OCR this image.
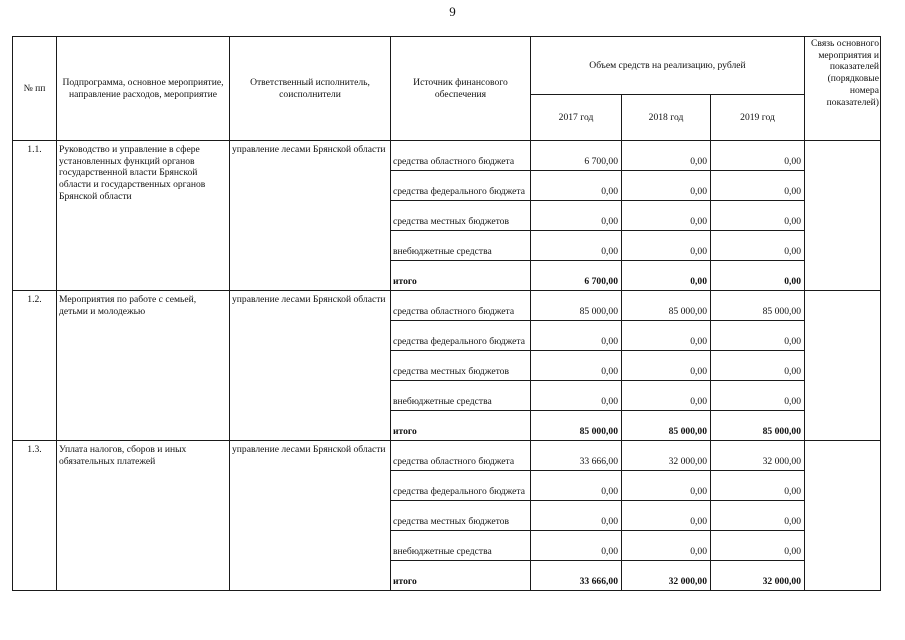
9
№ пп	Подпрограмма, основное мероприятие, направление расходов, мероприятие	Ответственный исполнитель, соисполнители	Источник финансового обеспечения	Объем средств на реализацию, рублей			Связь основного мероприятия и показателей (порядковые номера показателей)
				2017 год	2018 год	2019 год	
1.1.	Руководство и управление в сфере установленных функций органов государственной власти Брянской области и государственных органов Брянской области	управление лесами Брянской области	средства областного бюджета	6 700,00	0,00	0,00	
			средства федерального бюджета	0,00	0,00	0,00	
			средства местных бюджетов	0,00	0,00	0,00	
			внебюджетные средства	0,00	0,00	0,00	
			итого	6 700,00	0,00	0,00	
1.2.	Мероприятия по работе с семьей, детьми и молодежью	управление лесами Брянской области	средства областного бюджета	85 000,00	85 000,00	85 000,00	
			средства федерального бюджета	0,00	0,00	0,00	
			средства местных бюджетов	0,00	0,00	0,00	
			внебюджетные средства	0,00	0,00	0,00	
			итого	85 000,00	85 000,00	85 000,00	
1.3.	Уплата налогов, сборов и иных обязательных платежей	управление лесами Брянской области	средства областного бюджета	33 666,00	32 000,00	32 000,00	
			средства федерального бюджета	0,00	0,00	0,00	
			средства местных бюджетов	0,00	0,00	0,00	
			внебюджетные средства	0,00	0,00	0,00	
			итого	33 666,00	32 000,00	32 000,00	
